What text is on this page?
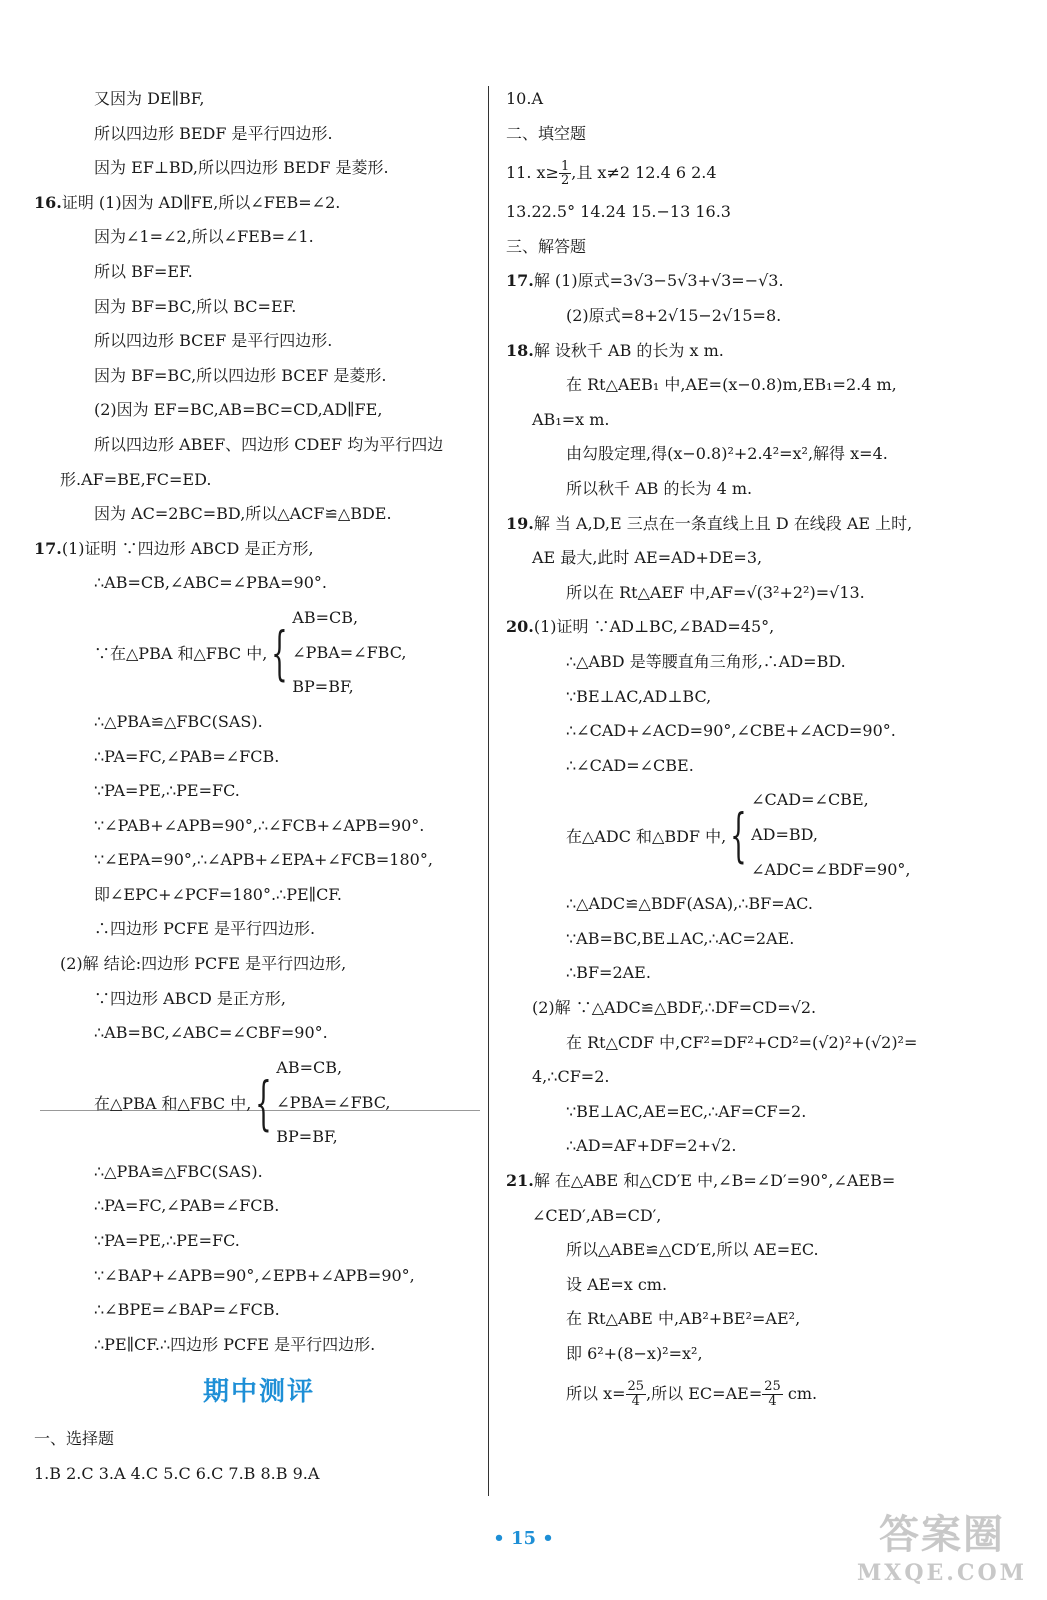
又因为 DE∥BF,
所以四边形 BEDF 是平行四边形.
因为 EF⊥BD,所以四边形 BEDF 是菱形.
16.证明 (1)因为 AD∥FE,所以∠FEB=∠2.
因为∠1=∠2,所以∠FEB=∠1.
所以 BF=EF.
因为 BF=BC,所以 BC=EF.
所以四边形 BCEF 是平行四边形.
因为 BF=BC,所以四边形 BCEF 是菱形.
(2)因为 EF=BC,AB=BC=CD,AD∥FE,
所以四边形 ABEF、四边形 CDEF 均为平行四边
形.AF=BE,FC=ED.
因为 AC=2BC=BD,所以△ACF≌△BDE.
17.(1)证明 ∵四边形 ABCD 是正方形,
∴AB=CB,∠ABC=∠PBA=90°.
∵在△PBA 和△FBC 中, {
AB=CB,
∠PBA=∠FBC,
BP=BF,
∴△PBA≌△FBC(SAS).
∴PA=FC,∠PAB=∠FCB.
∵PA=PE,∴PE=FC.
∵∠PAB+∠APB=90°,∴∠FCB+∠APB=90°.
∵∠EPA=90°,∴∠APB+∠EPA+∠FCB=180°,
即∠EPC+∠PCF=180°.∴PE∥CF.
∴四边形 PCFE 是平行四边形.
(2)解 结论:四边形 PCFE 是平行四边形,
∵四边形 ABCD 是正方形,
∴AB=BC,∠ABC=∠CBF=90°.
在△PBA 和△FBC 中, {
AB=CB,
∠PBA=∠FBC,
BP=BF,
∴△PBA≌△FBC(SAS).
∴PA=FC,∠PAB=∠FCB.
∵PA=PE,∴PE=FC.
∵∠BAP+∠APB=90°,∠EPB+∠APB=90°,
∴∠BPE=∠BAP=∠FCB.
∴PE∥CF.∴四边形 PCFE 是平行四边形.
期中测评
一、选择题
1.B 2.C 3.A 4.C 5.C 6.C 7.B 8.B 9.A
10.A
二、填空题
11. $x\ge \frac{1}{2}$ ,且 x≠2 12.4 6 2.4
13.22.5° 14.24 15.−13 16.3
三、解答题
17.解 (1)原式=3√3−5√3+√3=−√3.
(2)原式=8+2√15−2√15=8.
18.解 设秋千 AB 的长为 x m.
在 Rt△AEB₁ 中,AE=(x−0.8)m,EB₁=2.4 m,
AB₁=x m.
由勾股定理,得(x−0.8)²+2.4²=x²,解得 x=4.
所以秋千 AB 的长为 4 m.
19.解 当 A,D,E 三点在一条直线上且 D 在线段 AE 上时,
AE 最大,此时 AE=AD+DE=3,
所以在 Rt△AEF 中,AF=√(3²+2²)=√13.
20.(1)证明 ∵AD⊥BC,∠BAD=45°,
∴△ABD 是等腰直角三角形,∴AD=BD.
∵BE⊥AC,AD⊥BC,
∴∠CAD+∠ACD=90°,∠CBE+∠ACD=90°.
∴∠CAD=∠CBE.
在△ADC 和△BDF 中, {
∠CAD=∠CBE,
AD=BD,
∠ADC=∠BDF=90°,
∴△ADC≌△BDF(ASA),∴BF=AC.
∵AB=BC,BE⊥AC,∴AC=2AE.
∴BF=2AE.
(2)解 ∵△ADC≌△BDF,∴DF=CD=√2.
在 Rt△CDF 中,CF²=DF²+CD²=(√2)²+(√2)²=
4,∴CF=2.
∵BE⊥AC,AE=EC,∴AF=CF=2.
∴AD=AF+DF=2+√2.
21.解 在△ABE 和△CD′E 中,∠B=∠D′=90°,∠AEB=
∠CED′,AB=CD′,
所以△ABE≌△CD′E,所以 AE=EC.
设 AE=x cm.
在 Rt△ABE 中,AB²+BE²=AE²,
即 6²+(8−x)²=x²,
所以 $x= \frac{25}{4}$ ,所以 $EC=AE= \frac{25}{4}$ cm.
• 15 •	答案圈
MXQE.COM
